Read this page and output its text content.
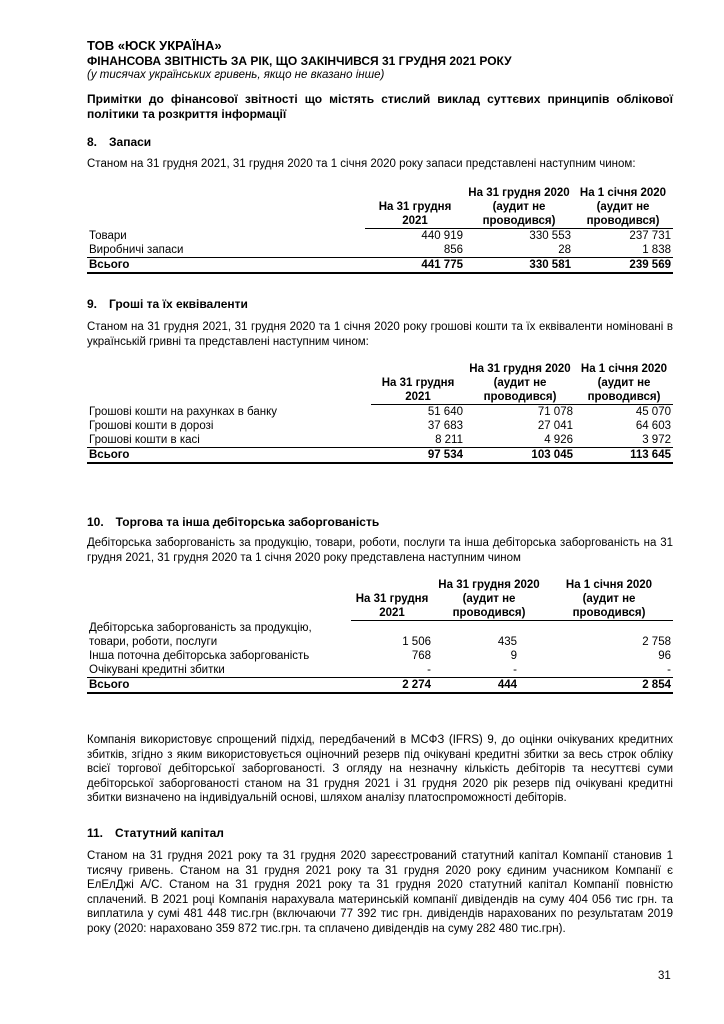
ТОВ «ЮСК УКРАЇНА»
ФІНАНСОВА ЗВІТНІСТЬ ЗА РІК, ЩО ЗАКІНЧИВСЯ 31 ГРУДНЯ 2021 РОКУ
(у тисячах українських гривень, якщо не вказано інше)
Примітки до фінансової звітності що містять стислий виклад суттєвих принципів облікової політики та розкриття інформації
8. Запаси
Станом на 31 грудня 2021, 31 грудня 2020 та 1 січня 2020 року запаси представлені наступним чином:
	На 31 грудня 2021	На 31 грудня 2020 (аудит не проводився)	На 1 січня 2020 (аудит не проводився)
Товари	440 919	330 553	237 731
Виробничі запаси	856	28	1 838
Всього	441 775	330 581	239 569
9. Гроші та їх еквіваленти
Станом на 31 грудня 2021, 31 грудня 2020 та 1 січня 2020 року грошові кошти та їх еквіваленти номіновані в українській гривні та представлені наступним чином:
	На 31 грудня 2021	На 31 грудня 2020 (аудит не проводився)	На 1 січня 2020 (аудит не проводився)
Грошові кошти на рахунках в банку	51 640	71 078	45 070
Грошові кошти в дорозі	37 683	27 041	64 603
Грошові кошти в касі	8 211	4 926	3 972
Всього	97 534	103 045	113 645
10. Торгова та інша дебіторська заборгованість
Дебіторська заборгованість за продукцію, товари, роботи, послуги та інша дебіторська заборгованість на 31 грудня 2021, 31 грудня 2020 та 1 січня 2020 року представлена наступним чином
	На 31 грудня 2021	На 31 грудня 2020 (аудит не проводився)	На 1 січня 2020 (аудит не проводився)
Дебіторська заборгованість за продукцію, товари, роботи, послуги	1 506	435	2 758
Інша поточна дебіторська заборгованість	768	9	96
Очікувані кредитні збитки	-	-	-
Всього	2 274	444	2 854
Компанія використовує спрощений підхід, передбачений в МСФЗ (IFRS) 9, до оцінки очікуваних кредитних збитків, згідно з яким використовується оціночний резерв під очікувані кредитні збитки за весь строк обліку всієї торгової дебіторської заборгованості. З огляду на незначну кількість дебіторів та несуттєві суми дебіторської заборгованості станом на 31 грудня 2021 і 31 грудня 2020 рік резерв під очікувані кредитні збитки визначено на індивідуальній основі, шляхом аналізу платоспроможності дебіторів.
11. Статутний капітал
Станом на 31 грудня 2021 року та 31 грудня 2020 зареєстрований статутний капітал Компанії становив 1 тисячу гривень. Станом на 31 грудня 2021 року та 31 грудня 2020 року єдиним учасником Компанії є ЕлЕлДжі А/С. Станом на 31 грудня 2021 року та 31 грудня 2020 статутний капітал Компанії повністю сплачений. В 2021 році Компанія нарахувала материнській компанії дивідендів на суму 404 056 тис грн. та виплатила у сумі 481 448 тис.грн (включаючи 77 392 тис грн. дивідендів нарахованих по результатам 2019 року (2020: нараховано 359 872 тис.грн. та сплачено дивідендів на суму 282 480 тис.грн).
31
